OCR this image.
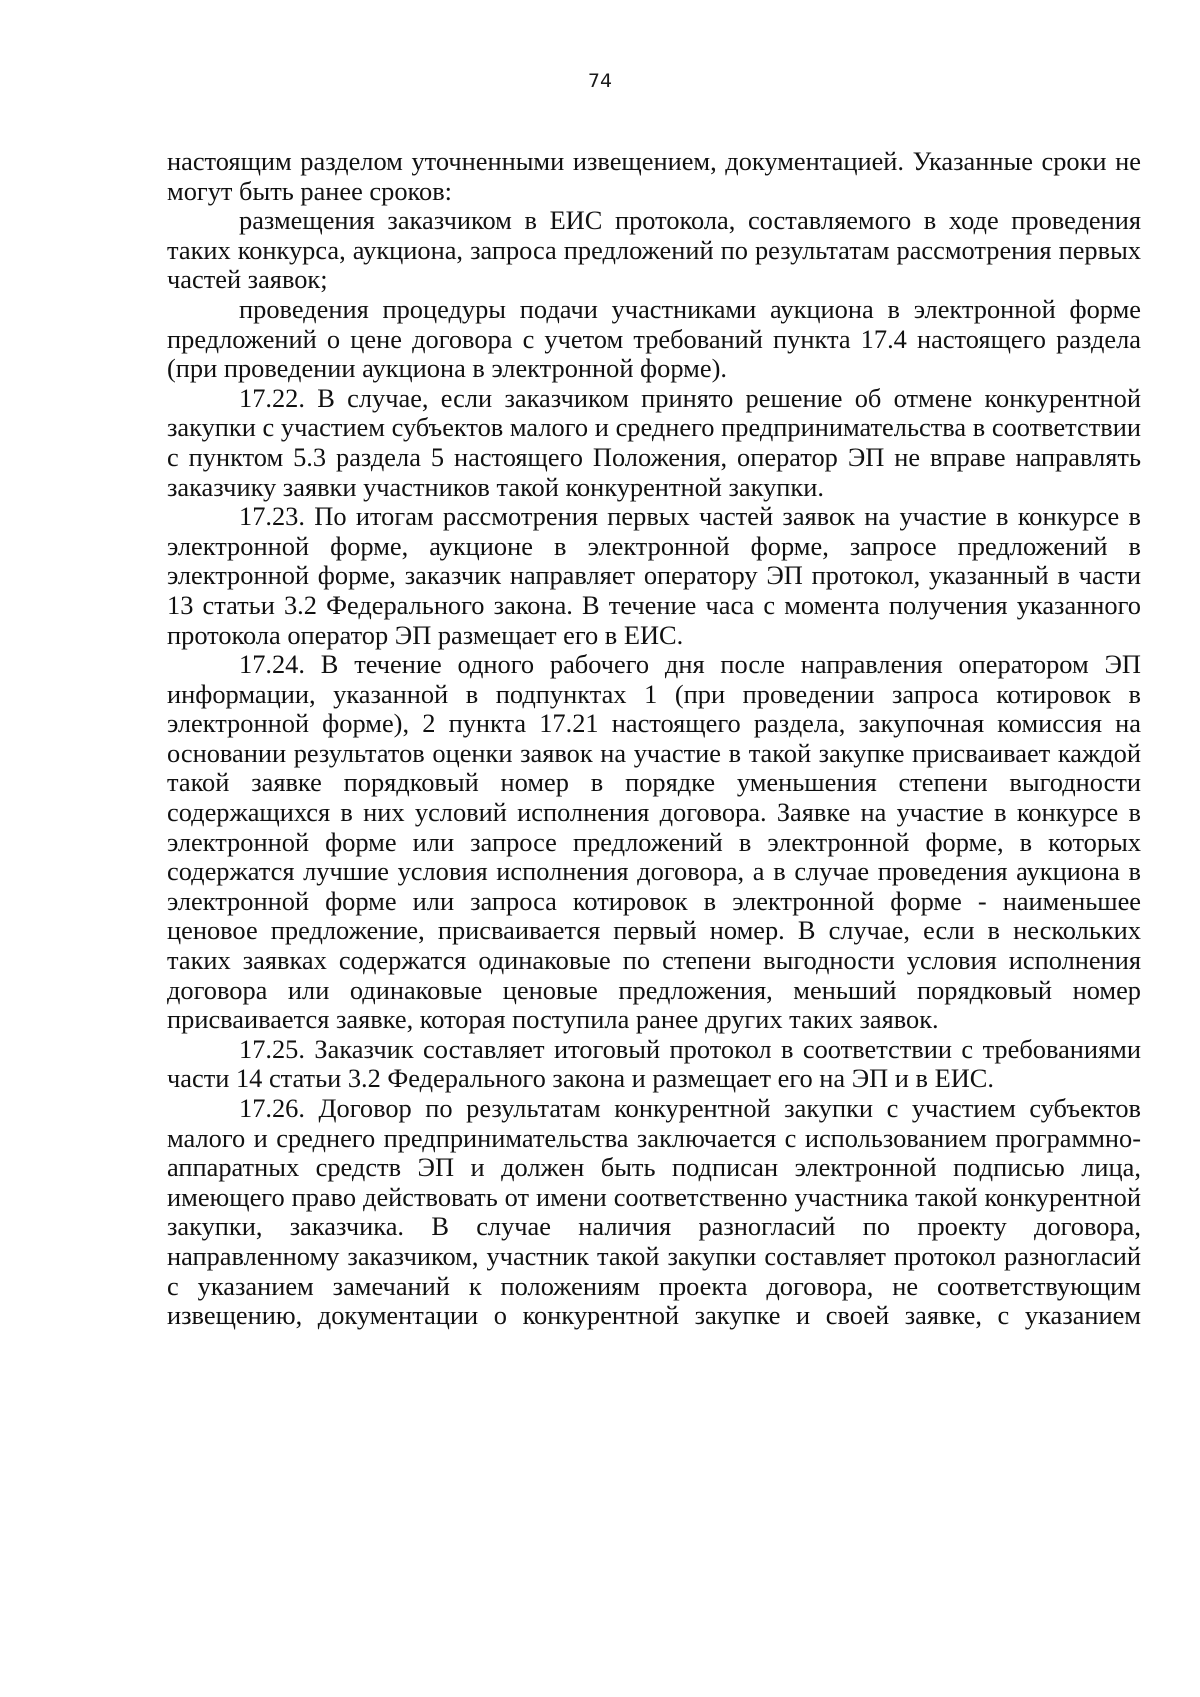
74

настоящим разделом уточненными извещением, документацией. Указанные сроки не могут быть ранее сроков:

размещения заказчиком в ЕИС протокола, составляемого в ходе проведения таких конкурса, аукциона, запроса предложений по результатам рассмотрения первых частей заявок;

проведения процедуры подачи участниками аукциона в электронной форме предложений о цене договора с учетом требований пункта 17.4 настоящего раздела (при проведении аукциона в электронной форме).

17.22. В случае, если заказчиком принято решение об отмене конкурентной закупки с участием субъектов малого и среднего предпринимательства в соответствии с пунктом 5.3 раздела 5 настоящего Положения, оператор ЭП не вправе направлять заказчику заявки участников такой конкурентной закупки.

17.23. По итогам рассмотрения первых частей заявок на участие в конкурсе в электронной форме, аукционе в электронной форме, запросе предложений в электронной форме, заказчик направляет оператору ЭП протокол, указанный в части 13 статьи 3.2 Федерального закона. В течение часа с момента получения указанного протокола оператор ЭП размещает его в ЕИС.

17.24. В течение одного рабочего дня после направления оператором ЭП информации, указанной в подпунктах 1 (при проведении запроса котировок в электронной форме), 2 пункта 17.21 настоящего раздела, закупочная комиссия на основании результатов оценки заявок на участие в такой закупке присваивает каждой такой заявке порядковый номер в порядке уменьшения степени выгодности содержащихся в них условий исполнения договора. Заявке на участие в конкурсе в электронной форме или запросе предложений в электронной форме, в которых содержатся лучшие условия исполнения договора, а в случае проведения аукциона в электронной форме или запроса котировок в электронной форме - наименьшее ценовое предложение, присваивается первый номер. В случае, если в нескольких таких заявках содержатся одинаковые по степени выгодности условия исполнения договора или одинаковые ценовые предложения, меньший порядковый номер присваивается заявке, которая поступила ранее других таких заявок.

17.25. Заказчик составляет итоговый протокол в соответствии с требованиями части 14 статьи 3.2 Федерального закона и размещает его на ЭП и в ЕИС.

17.26. Договор по результатам конкурентной закупки с участием субъектов малого и среднего предпринимательства заключается с использованием программно-аппаратных средств ЭП и должен быть подписан электронной подписью лица, имеющего право действовать от имени соответственно участника такой конкурентной закупки, заказчика. В случае наличия разногласий по проекту договора, направленному заказчиком, участник такой закупки составляет протокол разногласий с указанием замечаний к положениям проекта договора, не соответствующим извещению, документации о конкурентной закупке и своей заявке, с указанием
